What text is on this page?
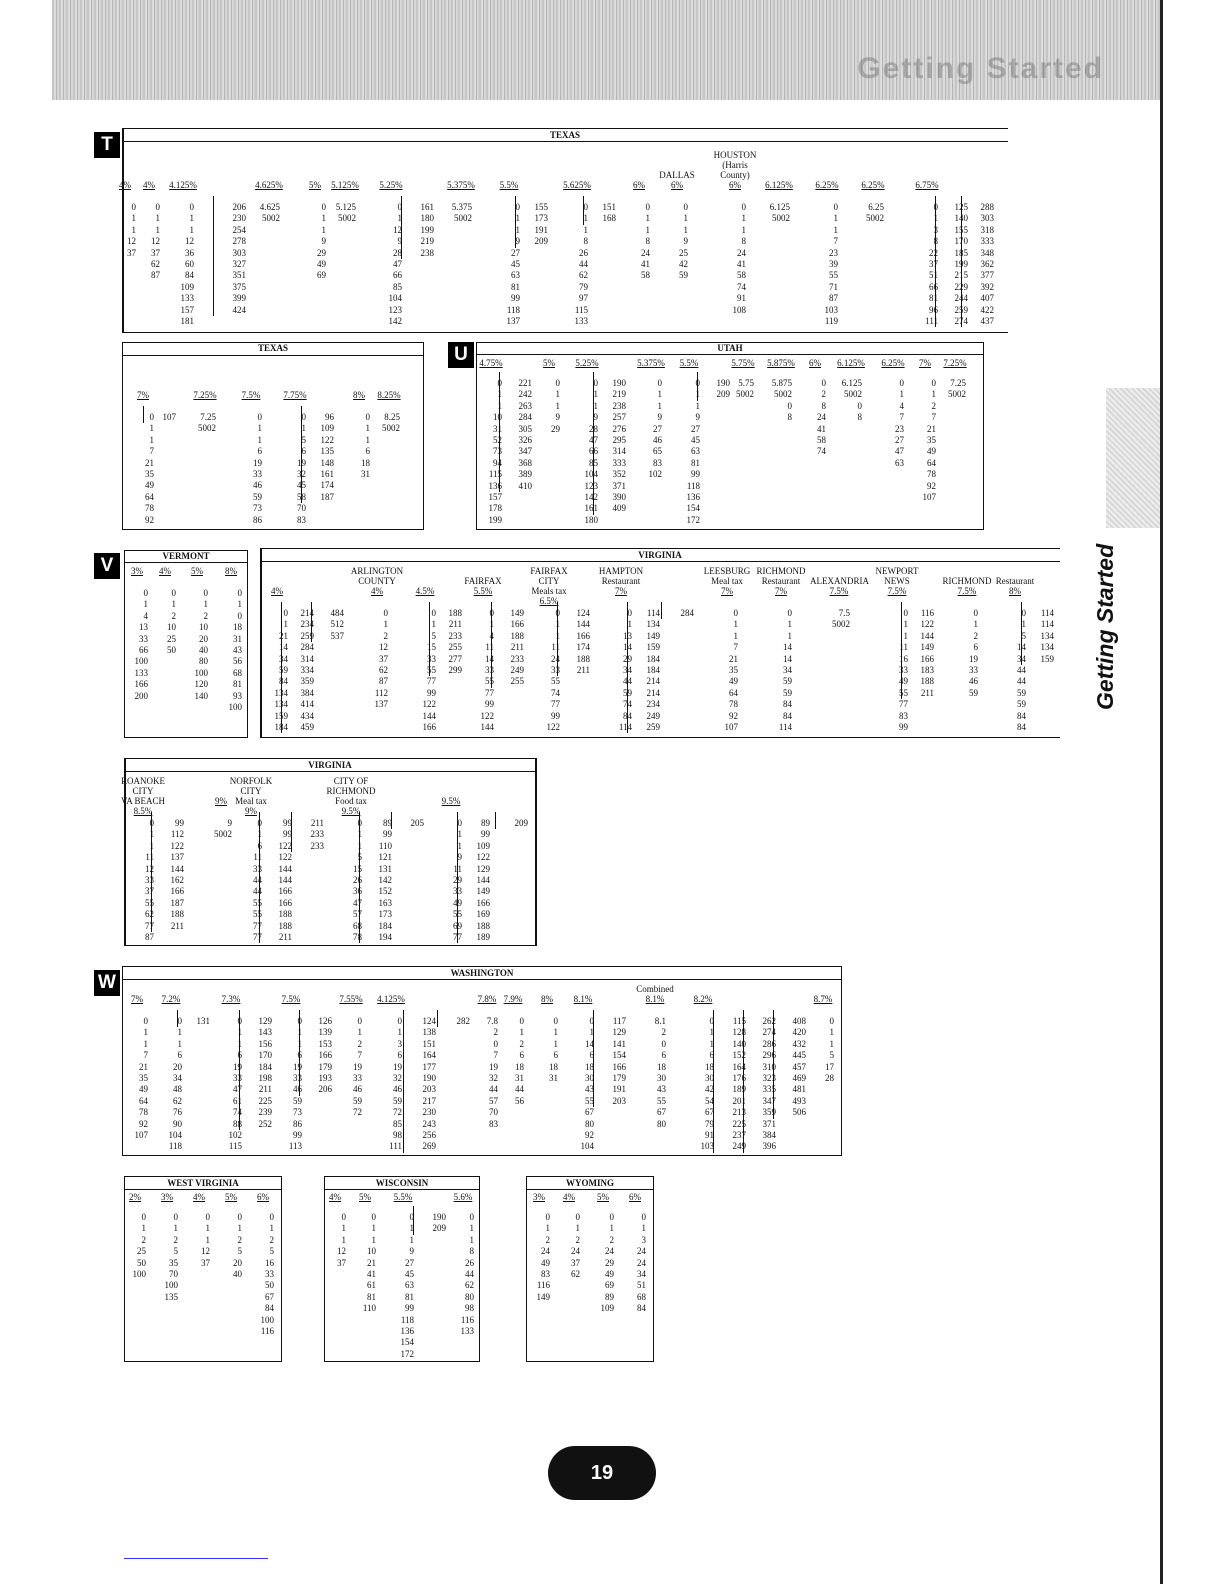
Getting Started
Getting Started
T
U
V
W
TEXAS
4%
0
1
1
12
37
4%
0
1
1
12
37
62
87
4.125%
0
1
1
12
36
60
84
109
133
157
181
206
230
254
278
303
327
351
375
399
424
4.625%
4.625
5002
5%
0
1
1
9
29
49
69
5.125%
5.125
5002
5.25%
0
1
12
9
28
47
66
85
104
123
142
161
180
199
219
238
5.375%
5.375
5002
5.5%
0
1
1
9
27
45
63
81
99
118
137
155
173
191
209
5.625%
0
1
1
8
26
44
62
79
97
115
133
151
168
6%
0
1
1
8
24
41
58
DALLAS
6%
0
1
1
9
25
42
59
HOUSTON
(Harris
County)
6%
0
1
1
8
24
41
58
74
91
108
6.125%
6.125
5002
6.25%
0
1
1
7
23
39
55
71
87
103
119
6.25%
6.25
5002
6.75%
0
1
3
8
22
37
51
66
81
96
111
125
140
155
170
185
199
215
229
244
259
274
288
303
318
333
348
362
377
392
407
422
437
TEXAS
7%
0
1
1
7
21
35
49
64
78
92
107
7.25%
7.25
5002
7.5%
0
1
1
6
19
33
46
59
73
86
7.75%
0
1
5
6
19
32
45
58
70
83
96
109
122
135
148
161
174
187
8%
0
1
1
6
18
31
8.25%
8.25
5002
UTAH
4.75%
0
1
1
10
31
52
73
94
115
136
157
178
199
221
242
263
284
305
326
347
368
389
410
5%
0
1
1
9
29
5.25%
0
1
1
9
28
47
66
85
104
123
142
161
180
190
219
238
257
276
295
314
333
352
371
390
409
5.375%
0
1
1
9
27
46
65
83
102
5.5%
0
1
1
9
27
45
63
81
99
118
136
154
172
190
209
5.75%
5.75
5002
5.875%
5.875
5002
0
8
6%
0
2
8
24
41
58
74
6.125%
6.125
5002
0
8
6.25%
0
1
4
7
23
27
47
63
7%
0
1
2
7
21
35
49
64
78
92
107
7.25%
7.25
5002
VERMONT
3%
0
1
4
13
33
66
100
133
166
200
4%
0
1
2
10
25
50
5%
0
1
2
10
20
40
80
100
120
140
8%
0
1
0
18
31
43
56
68
81
93
100
VIRGINIA
4%
0
1
21
14
34
59
84
134
134
159
184
214
234
259
284
314
334
359
384
414
434
459
484
512
537
ARLINGTON
COUNTY
4%
0
1
2
12
37
62
87
112
137
4.5%
0
1
5
15
33
55
77
99
122
144
166
188
211
233
255
277
299
FAIRFAX
5.5%
0
1
4
11
14
33
55
77
99
122
144
149
166
188
211
233
249
255
FAIRFAX CITY
Meals tax
6.5%
0
1
1
11
24
33
55
74
77
99
122
124
144
166
174
188
211
HAMPTON
Restaurant
7%
0
1
13
14
29
34
44
59
74
84
114
114
134
149
159
184
184
214
214
234
249
259
284
LEESBURG
Meal tax
7%
0
1
1
7
21
35
49
64
78
92
107
RICHMOND
Restaurant
7%
0
1
1
14
14
34
59
59
84
84
114
ALEXANDRIA
7.5%
7.5
5002
NEWPORT
NEWS
7.5%
0
1
1
11
16
33
49
55
77
83
99
116
122
144
149
166
183
188
211
RICHMOND
7.5%
0
1
2
6
19
33
46
59
Restaurant
8%
0
1
5
14
34
44
44
59
59
84
84
114
114
134
134
159
VIRGINIA
ROANOKE CITY
VA BEACH
8.5%
0
1
1
11
12
33
37
55
62
77
87
99
112
122
137
144
162
166
187
188
211
9%
9
5002
NORFOLK CITY
Meal tax
9%
0
1
6
11
33
44
44
55
55
77
77
99
99
122
122
144
144
166
166
188
188
211
211
233
233
CITY OF RICHMOND
Food tax
9.5%
0
1
1
5
15
26
36
47
57
68
78
89
99
110
121
131
142
152
163
173
184
194
205
9.5%
0
1
1
9
11
29
33
49
55
69
77
89
99
109
122
129
144
149
166
169
188
189
209
WASHINGTON
7%
0
1
1
7
21
35
49
64
78
92
107
7.2%
0
1
1
6
20
34
48
62
76
90
104
118
131
7.3%
0
1
1
6
19
33
47
61
74
88
102
115
129
143
156
170
184
198
211
225
239
252
7.5%
0
1
1
6
19
33
46
59
73
86
99
113
126
139
153
166
179
193
206
7.55%
0
1
2
7
19
33
46
59
72
4.125%
0
1
3
6
19
32
46
59
72
85
98
111
124
138
151
164
177
190
203
217
230
243
256
269
282
7.8%
7.8
2
0
7
19
32
44
57
70
83
7.9%
0
1
2
6
18
31
44
56
8%
0
1
1
6
18
31
8.1%
0
1
14
6
18
30
43
55
67
80
92
104
117
129
141
154
166
179
191
203
Combined
8.1%
8.1
2
0
6
18
30
43
55
67
80
8.2%
0
1
1
6
18
30
42
54
67
79
91
103
115
128
140
152
164
176
189
201
213
225
237
249
262
274
286
296
310
323
335
347
359
371
384
396
408
420
432
445
457
469
481
493
506
8.7%
0
1
1
5
17
28
WEST VIRGINIA
2%
0
1
2
25
50
100
3%
0
1
2
5
35
70
100
135
4%
0
1
1
12
37
5%
0
1
2
5
20
40
6%
0
1
2
5
16
33
50
67
84
100
116
WISCONSIN
4%
0
1
1
12
37
5%
0
1
1
10
21
41
61
81
110
5.5%
0
1
1
9
27
45
63
81
99
118
136
154
172
190
209
5.6%
0
1
1
8
26
44
62
80
98
116
133
WYOMING
3%
0
1
2
24
49
83
116
149
4%
0
1
2
24
37
62
5%
0
1
2
24
29
49
69
89
109
6%
0
1
3
24
24
34
51
68
84
19
